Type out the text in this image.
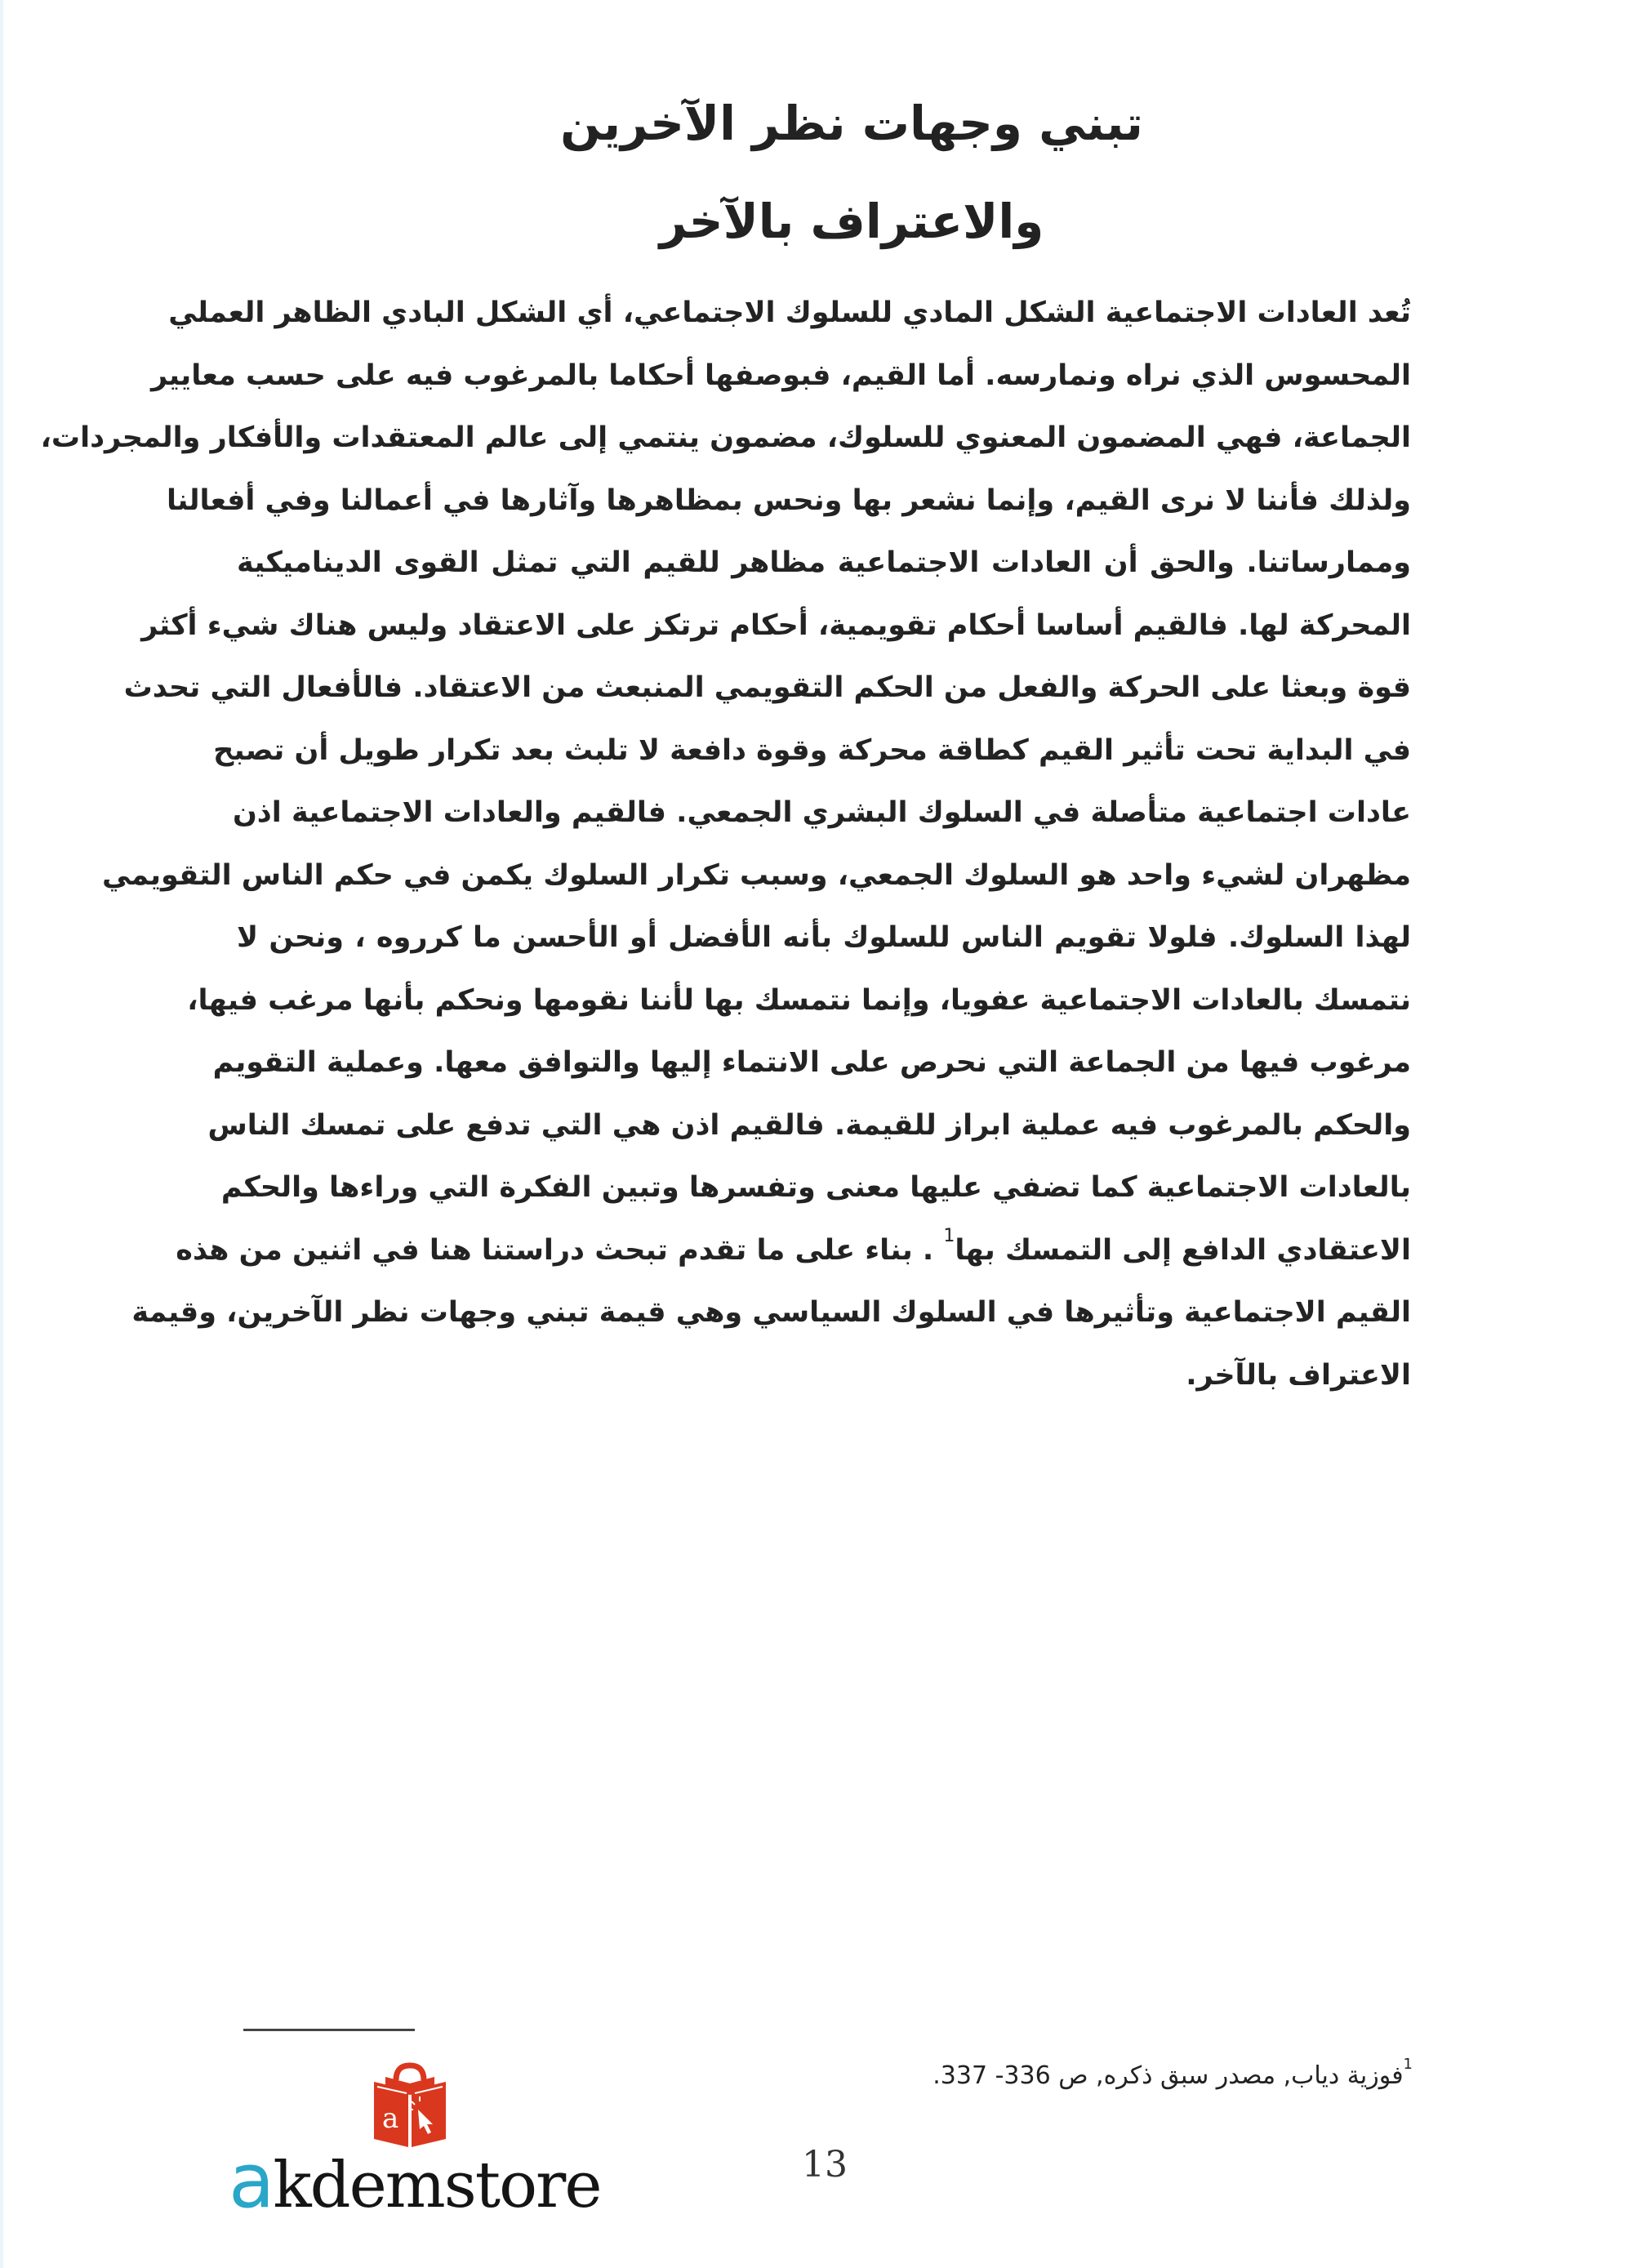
تبني وجهات نظر الآخرين
والاعتراف بالآخر
تُعد العادات الاجتماعية الشكل المادي للسلوك الاجتماعي، أي الشكل البادي الظاهر العملي
المحسوس الذي نراه ونمارسه. أما القيم، فبوصفها أحكاما بالمرغوب فيه على حسب معايير
الجماعة، فهي المضمون المعنوي للسلوك، مضمون ينتمي إلى عالم المعتقدات والأفكار والمجردات،
ولذلك فأننا لا نرى القيم، وإنما نشعر بها ونحس بمظاهرها وآثارها في أعمالنا وفي أفعالنا
وممارساتنا. والحق أن العادات الاجتماعية مظاهر للقيم التي تمثل القوى الديناميكية
المحركة لها. فالقيم أساسا أحكام تقويمية، أحكام ترتكز على الاعتقاد وليس هناك شيء أكثر
قوة وبعثا على الحركة والفعل من الحكم التقويمي المنبعث من الاعتقاد. فالأفعال التي تحدث
في البداية تحت تأثير القيم كطاقة محركة وقوة دافعة لا تلبث بعد تكرار طويل أن تصبح
عادات اجتماعية متأصلة في السلوك البشري الجمعي. فالقيم والعادات الاجتماعية اذن
مظهران لشيء واحد هو السلوك الجمعي، وسبب تكرار السلوك يكمن في حكم الناس التقويمي
لهذا السلوك. فلولا تقويم الناس للسلوك بأنه الأفضل أو الأحسن ما كرروه ، ونحن لا
نتمسك بالعادات الاجتماعية عفويا، وإنما نتمسك بها لأننا نقومها ونحكم بأنها مرغب فيها،
مرغوب فيها من الجماعة التي نحرص على الانتماء إليها والتوافق معها. وعملية التقويم
والحكم بالمرغوب فيه عملية ابراز للقيمة. فالقيم اذن هي التي تدفع على تمسك الناس
بالعادات الاجتماعية كما تضفي عليها معنى وتفسرها وتبين الفكرة التي وراءها والحكم
الاعتقادي الدافع إلى التمسك بها$^1$ . بناء على ما تقدم تبحث دراستنا هنا في اثنين من هذه
القيم الاجتماعية وتأثيرها في السلوك السياسي وهي قيمة تبني وجهات نظر الآخرين، وقيمة
الاعتراف بالآخر.
$^1$فوزية دياب, مصدر سبق ذكره, ص 336- 337.
13
a
akdemstore
